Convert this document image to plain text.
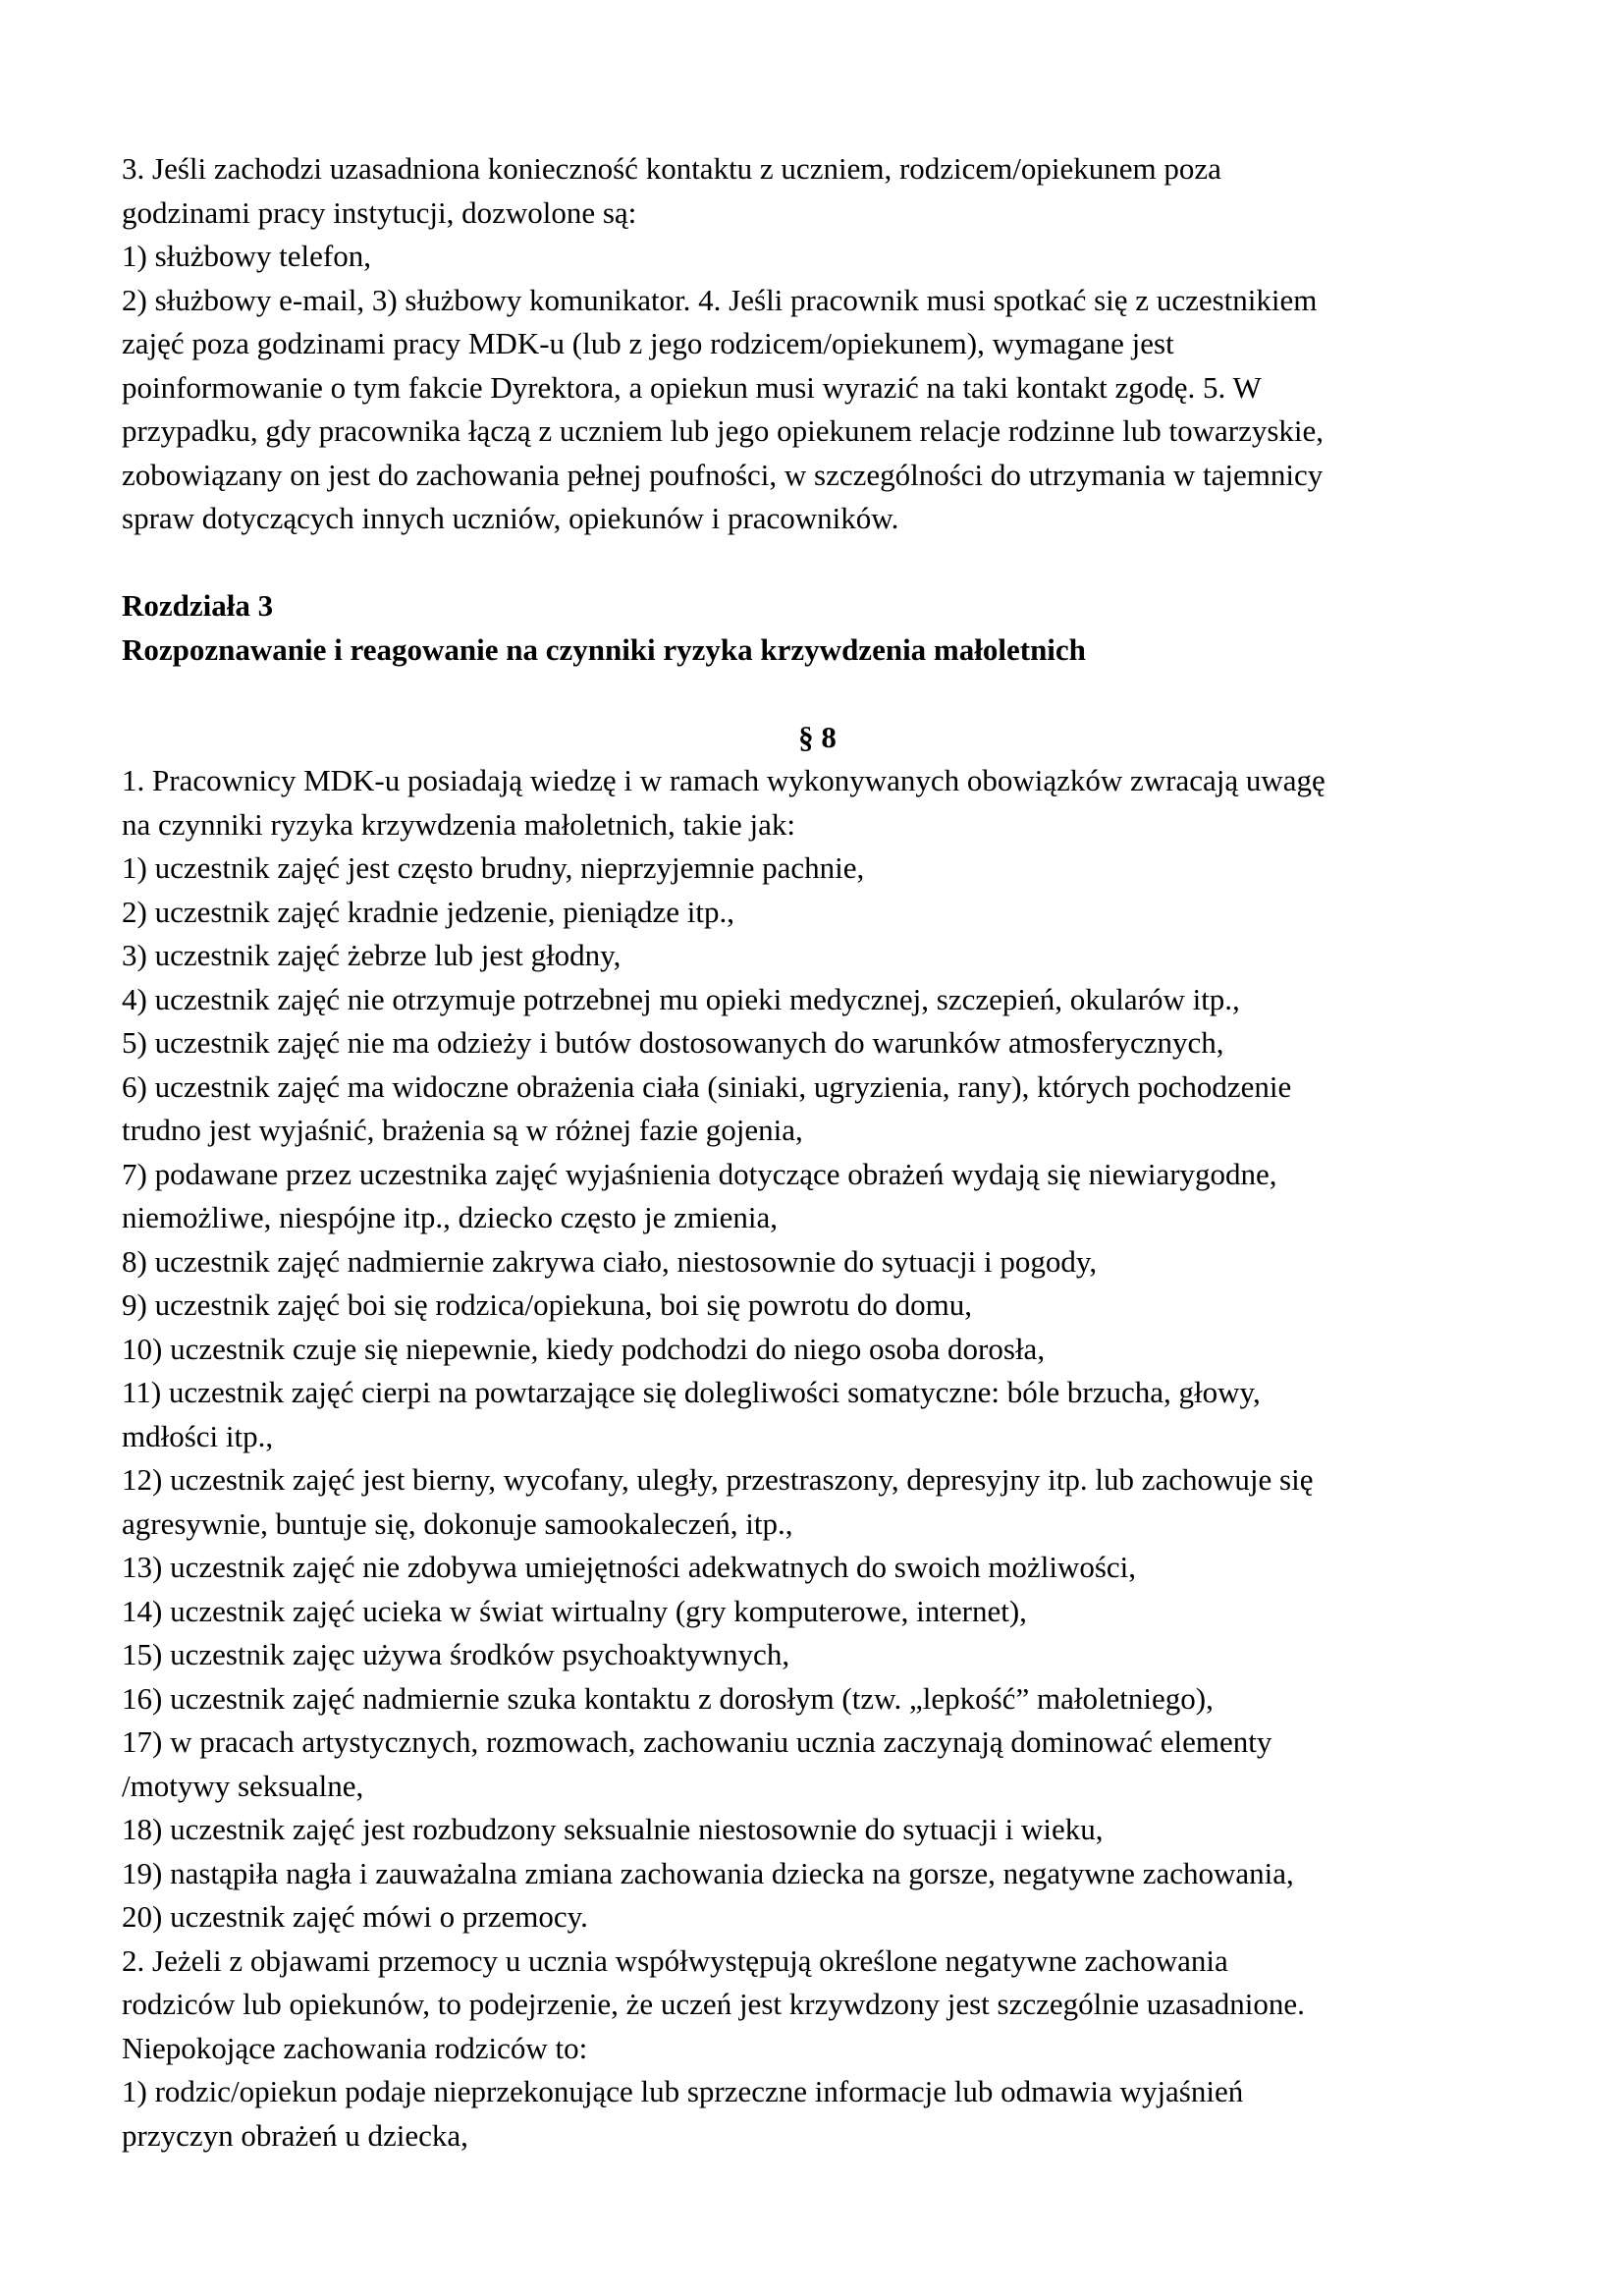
3. Jeśli zachodzi uzasadniona konieczność kontaktu z uczniem, rodzicem/opiekunem poza
godzinami pracy instytucji, dozwolone są:
1) służbowy telefon,
2) służbowy e-mail, 3) służbowy komunikator. 4. Jeśli pracownik musi spotkać się z uczestnikiem
zajęć poza godzinami pracy MDK-u (lub z jego rodzicem/opiekunem), wymagane jest
poinformowanie o tym fakcie Dyrektora, a opiekun musi wyrazić na taki kontakt zgodę. 5. W
przypadku, gdy pracownika łączą z uczniem lub jego opiekunem relacje rodzinne lub towarzyskie,
zobowiązany on jest do zachowania pełnej poufności, w szczególności do utrzymania w tajemnicy
spraw dotyczących innych uczniów, opiekunów i pracowników.
Rozdziała 3
Rozpoznawanie i reagowanie na czynniki ryzyka krzywdzenia małoletnich
§ 8
1. Pracownicy MDK-u posiadają wiedzę i w ramach wykonywanych obowiązków zwracają uwagę
na czynniki ryzyka krzywdzenia małoletnich, takie jak:
1) uczestnik zajęć jest często brudny, nieprzyjemnie pachnie,
2) uczestnik zajęć kradnie jedzenie, pieniądze itp.,
3) uczestnik zajęć żebrze lub jest głodny,
4) uczestnik zajęć nie otrzymuje potrzebnej mu opieki medycznej, szczepień, okularów itp.,
5) uczestnik zajęć nie ma odzieży i butów dostosowanych do warunków atmosferycznych,
6) uczestnik zajęć ma widoczne obrażenia ciała (siniaki, ugryzienia, rany), których pochodzenie
trudno jest wyjaśnić, brażenia są w różnej fazie gojenia,
7) podawane przez uczestnika zajęć wyjaśnienia dotyczące obrażeń wydają się niewiarygodne,
niemożliwe, niespójne itp., dziecko często je zmienia,
8) uczestnik zajęć nadmiernie zakrywa ciało, niestosownie do sytuacji i pogody,
9) uczestnik zajęć boi się rodzica/opiekuna, boi się powrotu do domu,
10) uczestnik czuje się niepewnie, kiedy podchodzi do niego osoba dorosła,
11) uczestnik zajęć cierpi na powtarzające się dolegliwości somatyczne: bóle brzucha, głowy,
mdłości itp.,
12) uczestnik zajęć jest bierny, wycofany, uległy, przestraszony, depresyjny itp. lub zachowuje się
agresywnie, buntuje się, dokonuje samookaleczeń, itp.,
13) uczestnik zajęć nie zdobywa umiejętności adekwatnych do swoich możliwości,
14) uczestnik zajęć ucieka w świat wirtualny (gry komputerowe, internet),
15) uczestnik zajęc używa środków psychoaktywnych,
16) uczestnik zajęć nadmiernie szuka kontaktu z dorosłym (tzw. „lepkość” małoletniego),
17) w pracach artystycznych, rozmowach, zachowaniu ucznia zaczynają dominować elementy
/motywy seksualne,
18) uczestnik zajęć jest rozbudzony seksualnie niestosownie do sytuacji i wieku,
19) nastąpiła nagła i zauważalna zmiana zachowania dziecka na gorsze, negatywne zachowania,
20) uczestnik zajęć mówi o przemocy.
2. Jeżeli z objawami przemocy u ucznia współwystępują określone negatywne zachowania
rodziców lub opiekunów, to podejrzenie, że uczeń jest krzywdzony jest szczególnie uzasadnione.
Niepokojące zachowania rodziców to:
1) rodzic/opiekun podaje nieprzekonujące lub sprzeczne informacje lub odmawia wyjaśnień
przyczyn obrażeń u dziecka,
